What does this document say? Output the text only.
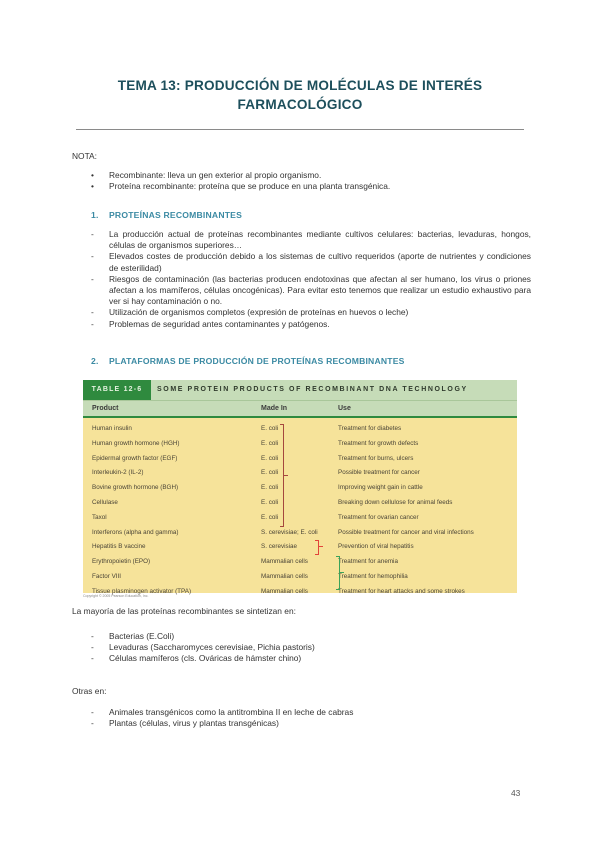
TEMA 13: PRODUCCIÓN DE MOLÉCULAS DE INTERÉS
FARMACOLÓGICO
NOTA:
•	Recombinante: lleva un gen exterior al propio organismo.
•	Proteína recombinante: proteína que se produce en una planta transgénica.
1. PROTEÍNAS RECOMBINANTES
-	La producción actual de proteínas recombinantes mediante cultivos celulares: bacterias, levaduras, hongos, células de organismos superiores…
-	Elevados costes de producción debido a los sistemas de cultivo requeridos (aporte de nutrientes y condiciones de esterilidad)
-	Riesgos de contaminación (las bacterias producen endotoxinas que afectan al ser humano, los virus o priones afectan a los mamíferos, células oncogénicas). Para evitar esto tenemos que realizar un estudio exhaustivo para ver si hay contaminación o no.
-	Utilización de organismos completos (expresión de proteínas en huevos o leche)
-	Problemas de seguridad antes contaminantes y patógenos.
2. PLATAFORMAS DE PRODUCCIÓN DE PROTEÍNAS RECOMBINANTES
TABLE 12-6	SOME PROTEIN PRODUCTS OF RECOMBINANT DNA TECHNOLOGY
Product	Made In	Use
Human insulin	E. coli	Treatment for diabetes
Human growth hormone (HGH)	E. coli	Treatment for growth defects
Epidermal growth factor (EGF)	E. coli	Treatment for burns, ulcers
Interleukin-2 (IL-2)	E. coli	Possible treatment for cancer
Bovine growth hormone (BGH)	E. coli	Improving weight gain in cattle
Cellulase	E. coli	Breaking down cellulose for animal feeds
Taxol	E. coli	Treatment for ovarian cancer
Interferons (alpha and gamma)	S. cerevisiae; E. coli	Possible treatment for cancer and viral infections
Hepatitis B vaccine	S. cerevisiae	Prevention of viral hepatitis
Erythropoietin (EPO)	Mammalian cells	Treatment for anemia
Factor VIII	Mammalian cells	Treatment for hemophilia
Tissue plasminogen activator (TPA)	Mammalian cells	Treatment for heart attacks and some strokes
Copyright © 2005 Pearson Education, Inc.
La mayoría de las proteínas recombinantes se sintetizan en:
-	Bacterias (E.Coli)
-	Levaduras (Saccharomyces cerevisiae, Pichia pastoris)
-	Células mamíferos (cls. Ováricas de hámster chino)
Otras en:
-	Animales transgénicos como la antitrombina II en leche de cabras
-	Plantas (células, virus y plantas transgénicas)
43
